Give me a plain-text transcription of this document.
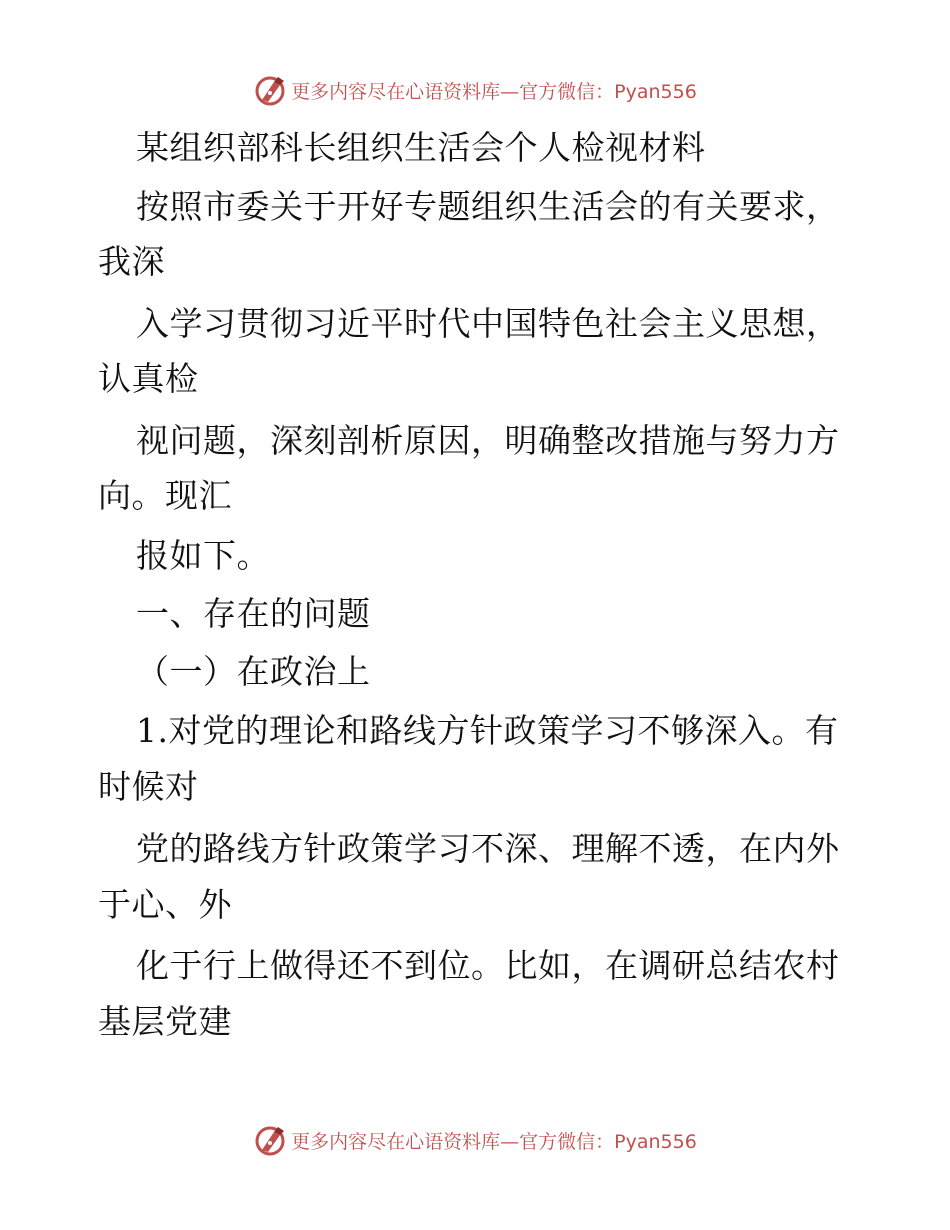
更多内容尽在心语资料库—官方微信：Pyan556
某组织部科长组织生活会个人检视材料
按照市委关于开好专题组织生活会的有关要求，
我深
入学习贯彻习近平时代中国特色社会主义思想，
认真检
视问题，深刻剖析原因，明确整改措施与努力方
向。现汇
报如下。
一、存在的问题
（一）在政治上
1.对党的理论和路线方针政策学习不够深入。有
时候对
党的路线方针政策学习不深、理解不透，在内外
于心、外
化于行上做得还不到位。比如，在调研总结农村
基层党建
更多内容尽在心语资料库—官方微信：Pyan556
